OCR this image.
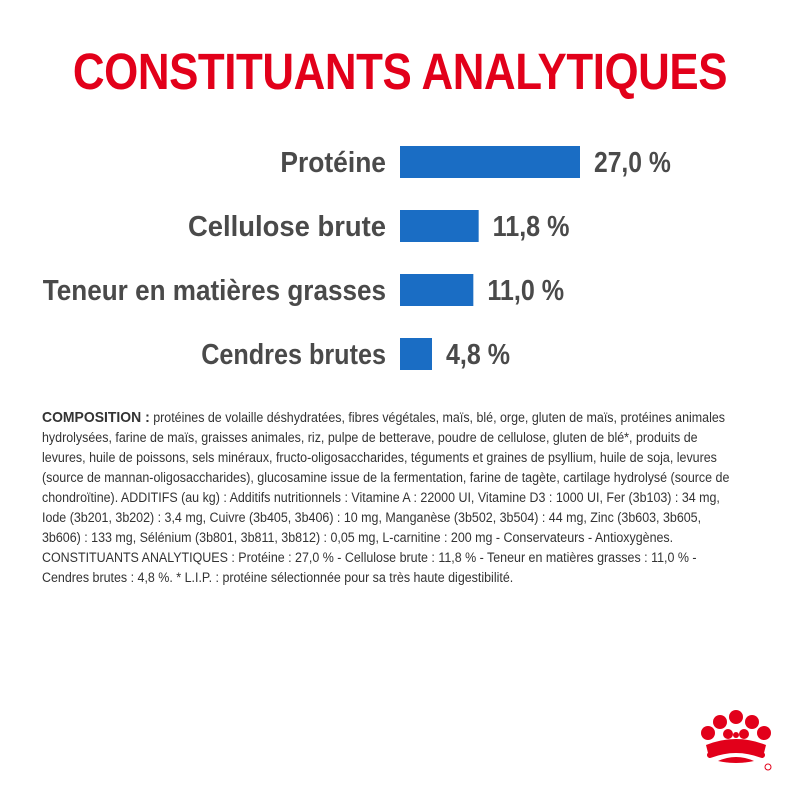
CONSTITUANTS ANALYTIQUES
Protéine	27,0 %
Cellulose brute	11,8 %
Teneur en matières grasses	11,0 %
Cendres brutes 4,8 %
COMPOSITION : protéines de volaille déshydratées, fibres végétales, maïs, blé, orge, gluten de maïs, protéines animales hydrolysées, farine de maïs, graisses animales, riz, pulpe de betterave, poudre de cellulose, gluten de blé*, produits de levures, huile de poissons, sels minéraux, fructo-oligosaccharides, téguments et graines de psyllium, huile de soja, levures (source de mannan-oligosaccharides), glucosamine issue de la fermentation, farine de tagète, cartilage hydrolysé (source de chondroïtine). ADDITIFS (au kg) : Additifs nutritionnels : Vitamine A : 22000 UI, Vitamine D3 : 1000 UI, Fer (3b103) : 34 mg, Iode (3b201, 3b202) : 3,4 mg, Cuivre (3b405, 3b406) : 10 mg, Manganèse (3b502, 3b504) : 44 mg, Zinc (3b603, 3b605, 3b606) : 133 mg, Sélénium (3b801, 3b811, 3b812) : 0,05 mg, L-carnitine : 200 mg - Conservateurs - Antioxygènes. CONSTITUANTS ANALYTIQUES : Protéine : 27,0 % - Cellulose brute : 11,8 % - Teneur en matières grasses : 11,0 % - Cendres brutes : 4,8 %. * L.I.P. : protéine sélectionnée pour sa très haute digestibilité.
